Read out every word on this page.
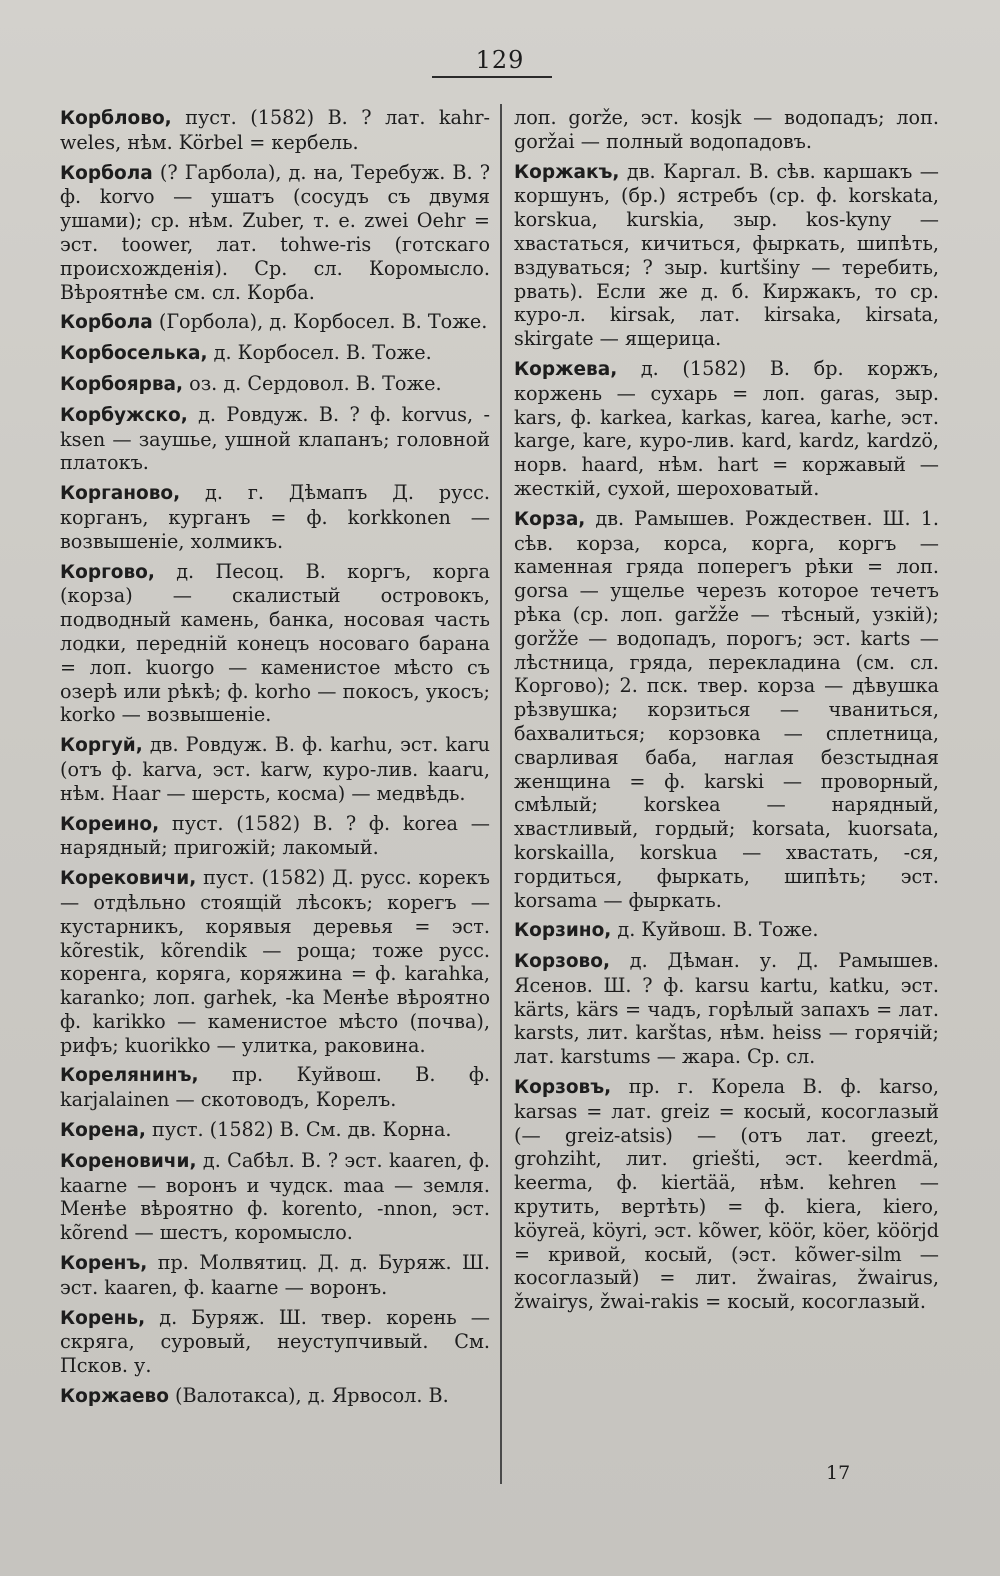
129
Корблово, пуст. (1582) В. ? лат. kahr-weles, нѣм. Körbel = кербель.
Корбола (? Гарбола), д. на, Теребуж. В. ? ф. korvo — ушатъ (сосудъ съ двумя ушами); ср. нѣм. Zuber, т. е. zwei Oehr = эст. toower, лат. tohwe-ris (готскаго происхожденія). Ср. сл. Коромысло. Вѣроятнѣе см. сл. Корба.
Корбола (Горбола), д. Корбосел. В. Тоже.
Корбоселька, д. Корбосел. В. Тоже.
Корбоярва, оз. д. Сердовол. В. Тоже.
Корбужско, д. Ровдуж. В. ? ф. korvus, -ksen — заушье, ушной клапанъ; головной платокъ.
Корганово, д. г. Дѣмапъ Д. русс. корганъ, курганъ = ф. korkkonen — возвышеніе, холмикъ.
Коргово, д. Песоц. В. коргъ, корга (корза) — скалистый островокъ, подводный камень, банка, носовая часть лодки, передній конецъ носоваго барана = лоп. kuorgo — каменистое мѣсто съ озерѣ или рѣкѣ; ф. korho — покосъ, укосъ; korko — возвышеніе.
Коргуй, дв. Ровдуж. В. ф. karhu, эст. karu (отъ ф. karva, эст. karw, куро-лив. kaaru, нѣм. Haar — шерсть, косма) — медвѣдь.
Кореино, пуст. (1582) В. ? ф. korea — нарядный; пригожій; лакомый.
Корековичи, пуст. (1582) Д. русс. корекъ — отдѣльно стоящій лѣсокъ; корегъ — кустарникъ, корявыя деревья = эст. kõrestik, kõrendik — роща; тоже русс. коренга, коряга, коряжина = ф. karahka, karanko; лоп. garhek, -ka Менѣе вѣроятно ф. karikko — каменистое мѣсто (почва), рифъ; kuorikko — улитка, раковина.
Корелянинъ, пр. Куйвош. В. ф. karjalainen — скотоводъ, Корелъ.
Корена, пуст. (1582) В. См. дв. Корна.
Кореновичи, д. Сабѣл. В. ? эст. kaaren, ф. kaarne — воронъ и чудск. maa — земля. Менѣе вѣроятно ф. korento, -nnon, эст. kõrend — шестъ, коромысло.
Коренъ, пр. Молвятиц. Д. д. Буряж. Ш. эст. kaaren, ф. kaarne — воронъ.
Корень, д. Буряж. Ш. твер. корень — скряга, суровый, неуступчивый. См. Псков. у.
Коржаево (Валотакса), д. Ярвосол. В.
лоп. gorže, эст. kosjk — водопадъ; лоп. goržai — полный водопадовъ.
Коржакъ, дв. Каргал. В. сѣв. каршакъ — коршунъ, (бр.) ястребъ (ср. ф. korskata, korskua, kurskia, зыр. kos-kyny — хвастаться, кичиться, фыркать, шипѣть, вздуваться; ? зыр. kurtšiny — теребить, рвать). Если же д. б. Киржакъ, то ср. куро-л. kirsak, лат. kirsaka, kirsata, skirgate — ящерица.
Коржева, д. (1582) В. бр. коржъ, коржень — сухарь = лоп. garas, зыр. kars, ф. karkea, karkas, karea, karhe, эст. karge, kare, куро-лив. kard, kardz, kardzö, норв. haard, нѣм. hart = коржавый — жесткій, сухой, шероховатый.
Корза, дв. Рамышев. Рождествен. Ш. 1. сѣв. корза, корса, корга, коргъ — каменная гряда поперегъ рѣки = лоп. gorsa — ущелье черезъ которое течетъ рѣка (ср. лоп. garžže — тѣсный, узкій); goržže — водопадъ, порогъ; эст. karts — лѣстница, гряда, перекладина (см. сл. Коргово); 2. пск. твер. корза — дѣвушка рѣзвушка; корзиться — чваниться, бахвалиться; корзовка — сплетница, сварливая баба, наглая безстыдная женщина = ф. karski — проворный, смѣлый; korskea — нарядный, хвастливый, гордый; korsata, kuorsata, korskailla, korskua — хвастать, -ся, гордиться, фыркать, шипѣть; эст. korsama — фыркать.
Корзино, д. Куйвош. В. Тоже.
Корзово, д. Дѣман. у. Д. Рамышев. Ясенов. Ш. ? ф. karsu kartu, katku, эст. kärts, kärs = чадъ, горѣлый запахъ = лат. karsts, лит. karštas, нѣм. heiss — горячій; лат. karstums — жара. Ср. сл.
Корзовъ, пр. г. Корела В. ф. karso, karsas = лат. greiz = косый, косоглазый (— greiz-atsis) — (отъ лат. greezt, grohziht, лит. griešti, эст. keerdmä, keerma, ф. kiertää, нѣм. kehren — крутить, вертѣть) = ф. kiera, kiero, köyreä, köyri, эст. kõwer, köör, köer, köörjd = кривой, косый, (эст. kõwer-silm — косоглазый) = лит. žwairas, žwairus, žwairys, žwai-rakis = косый, косоглазый.
17
